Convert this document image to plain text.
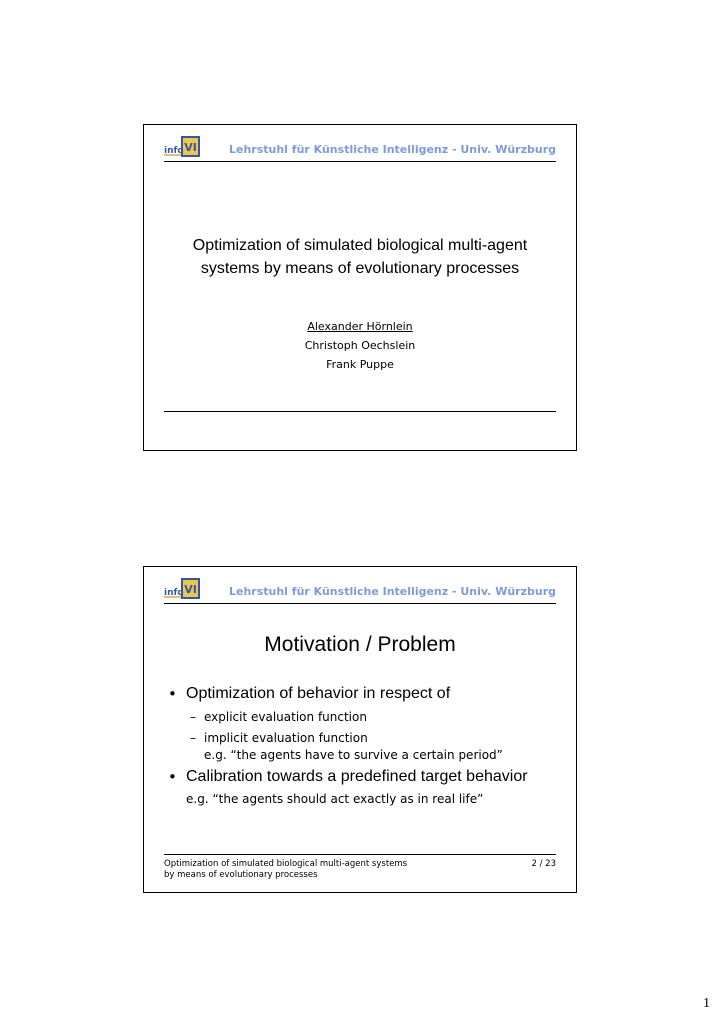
VI
info	Lehrstuhl für Künstliche Intelligenz - Univ. Würzburg
Optimization of simulated biological multi-agent
systems by means of evolutionary processes
Alexander Hörnlein
Christoph Oechslein
Frank Puppe
VI
info	Lehrstuhl für Künstliche Intelligenz - Univ. Würzburg
Motivation / Problem
• Optimization of behavior in respect of
– explicit evaluation function
– implicit evaluation function
e.g. “the agents have to survive a certain period”
• Calibration towards a predefined target behavior
e.g. “the agents should act exactly as in real life”
Optimization of simulated biological multi-agent systems
by means of evolutionary processes
2 / 23
1
